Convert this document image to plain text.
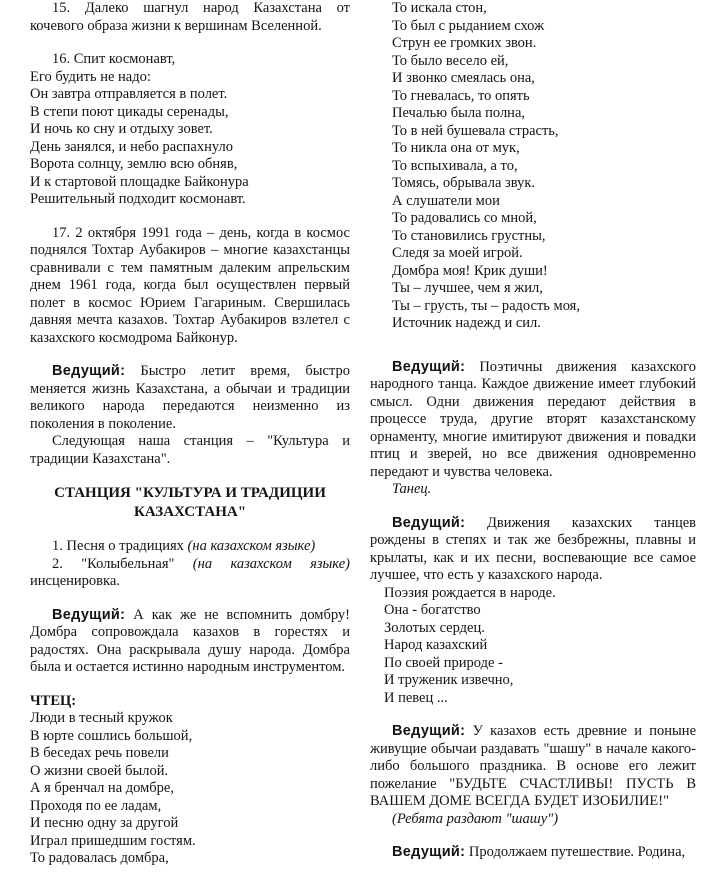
15. Далеко шагнул народ Казахстана от кочевого образа жизни к вершинам Вселенной.

16. Спит космонавт,

Его будить не надо:
Он завтра отправляется в полет.
В степи поют цикады серенады,
И ночь ко сну и отдыху зовет.
День занялся, и небо распахнуло
Ворота солнцу, землю всю обняв,
И к стартовой площадке Байконура
Решительный подходит космонавт.

17. 2 октября 1991 года – день, когда в космос поднялся Тохтар Аубакиров – многие казахстанцы сравнивали с тем памятным далеким апрельским днем 1961 года, когда был осуществлен первый полет в космос Юрием Гагариным. Свершилась давняя мечта казахов. Тохтар Аубакиров взлетел с казахского космодрома Байконур.

Ведущий: Быстро летит время, быстро меняется жизнь Казахстана, а обычаи и традиции великого народа передаются неизменно из поколения в поколение.

Следующая наша станция – "Культура и традиции Казахстана".

СТАНЦИЯ "КУЛЬТУРА И ТРАДИЦИИ КАЗАХСТАНА"

1. Песня о традициях (на казахском языке)

2. "Колыбельная" (на казахском языке) инсценировка.

Ведущий: А как же не вспомнить домбру! Домбра сопровождала казахов в горестях и радостях. Она раскрывала душу народа. Домбра была и остается истинно народным инструментом.

ЧТЕЦ:
Люди в тесный кружок
В юрте сошлись большой,
В беседах речь повели
О жизни своей былой.
А я бренчал на домбре,
Проходя по ее ладам,
И песню одну за другой
Играл пришедшим гостям.
То радовалась домбра,
То искала стон,
То был с рыданием схож
Струн ее громких звон.
То было весело ей,
И звонко смеялась она,
То гневалась, то опять
Печалью была полна,
То в ней бушевала страсть,
То никла она от мук,
То вспыхивала, а то,
Томясь, обрывала звук.
А слушатели мои
То радовались со мной,
То становились грустны,
Следя за моей игрой.
Домбра моя! Крик души!
Ты – лучшее, чем я жил,
Ты – грусть, ты – радость моя,
Источник надежд и сил.

Ведущий: Поэтичны движения казахского народного танца. Каждое движение имеет глубокий смысл. Одни движения передают действия в процессе труда, другие вторят казахстанскому орнаменту, многие имитируют движения и повадки птиц и зверей, но все движения одновременно передают и чувства человека.

Танец.

Ведущий: Движения казахских танцев рождены в степях и так же безбрежны, плавны и крылаты, как и их песни, воспевающие все самое лучшее, что есть у казахского народа.

Поэзия рождается в народе.
Она - богатство
Золотых сердец.
Народ казахский
По своей природе -
И труженик извечно,
И певец ...

Ведущий: У казахов есть древние и поныне живущие обычаи раздавать "шашу" в начале какого-либо большого праздника. В основе его лежит пожелание "БУДЬТЕ СЧАСТЛИВЫ! ПУСТЬ В ВАШЕМ ДОМЕ ВСЕГДА БУДЕТ ИЗОБИЛИЕ!"

(Ребята раздают "шашу")

Ведущий: Продолжаем путешествие. Родина,
